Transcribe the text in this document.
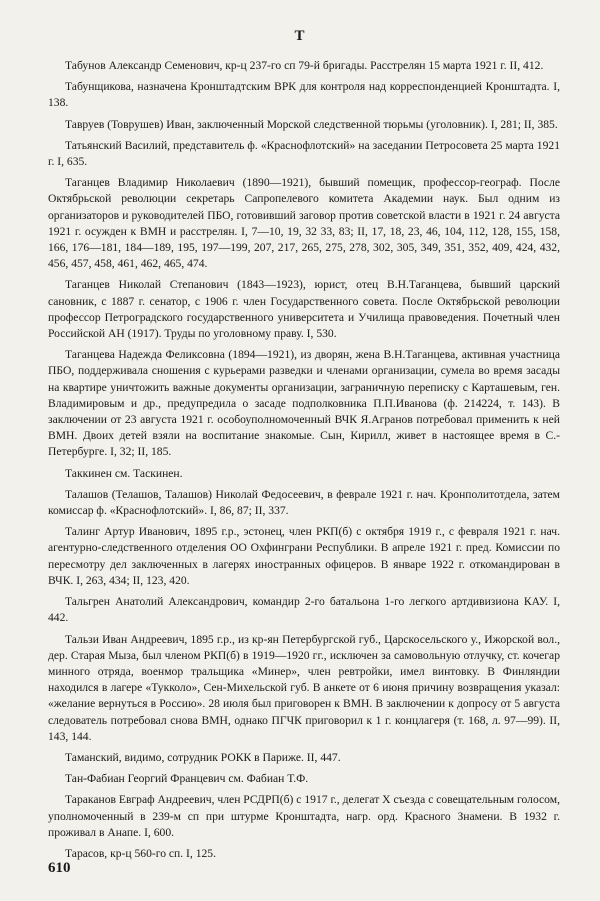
Т

Табунов Александр Семенович, кр-ц 237-го сп 79-й бригады. Расстрелян 15 марта 1921 г. II, 412.

Табунщикова, назначена Кронштадтским ВРК для контроля над корреспонденцией Кронштадта. I, 138.

Тавруев (Товрушев) Иван, заключенный Морской следственной тюрьмы (уголовник). I, 281; II, 385.

Татьянский Василий, представитель ф. «Краснофлотский» на заседании Петросовета 25 марта 1921 г. I, 635.

Таганцев Владимир Николаевич (1890—1921), бывший помещик, профессор-географ. После Октябрьской революции секретарь Сапропелевого комитета Академии наук. Был одним из организаторов и руководителей ПБО, готовивший заговор против советской власти в 1921 г. 24 августа 1921 г. осужден к ВМН и расстрелян. I, 7—10, 19, 32 33, 83; II, 17, 18, 23, 46, 104, 112, 128, 155, 158, 166, 176—181, 184—189, 195, 197—199, 207, 217, 265, 275, 278, 302, 305, 349, 351, 352, 409, 424, 432, 456, 457, 458, 461, 462, 465, 474.

Таганцев Николай Степанович (1843—1923), юрист, отец В.Н.Таганцева, бывший царский сановник, с 1887 г. сенатор, с 1906 г. член Государственного совета. После Октябрьской революции профессор Петроградского государственного университета и Училища правоведения. Почетный член Российской АН (1917). Труды по уголовному праву. I, 530.

Таганцева Надежда Феликсовна (1894—1921), из дворян, жена В.Н.Таганцева, активная участница ПБО, поддерживала сношения с курьерами разведки и членами организации, сумела во время засады на квартире уничтожить важные документы организации, заграничную переписку с Карташевым, ген. Владимировым и др., предупредила о засаде подполковника П.П.Иванова (ф. 214224, т. 143). В заключении от 23 августа 1921 г. особоуполномоченный ВЧК Я.Агранов потребовал применить к ней ВМН. Двоих детей взяли на воспитание знакомые. Сын, Кирилл, живет в настоящее время в С.-Петербурге. I, 32; II, 185.

Таккинен см. Таскинен.

Талашов (Телашов, Талашов) Николай Федосеевич, в феврале 1921 г. нач. Кронполитотдела, затем комиссар ф. «Краснофлотский». I, 86, 87; II, 337.

Талинг Артур Иванович, 1895 г.р., эстонец, член РКП(б) с октября 1919 г., с февраля 1921 г. нач. агентурно-следственного отделения ОО Охфинграни Республики. В апреле 1921 г. пред. Комиссии по пересмотру дел заключенных в лагерях иностранных офицеров. В январе 1922 г. откомандирован в ВЧК. I, 263, 434; II, 123, 420.

Тальгрен Анатолий Александрович, командир 2-го батальона 1-го легкого артдивизиона КАУ. I, 442.

Тальзи Иван Андреевич, 1895 г.р., из кр-ян Петербургской губ., Царскосельского у., Ижорской вол., дер. Старая Мыза, был членом РКП(б) в 1919—1920 гг., исключен за самовольную отлучку, ст. кочегар минного отряда, военмор тральщика «Минер», член ревтройки, имел винтовку. В Финляндии находился в лагере «Тукколо», Сен-Михельской губ. В анкете от 6 июня причину возвращения указал: «желание вернуться в Россию». 28 июля был приговорен к ВМН. В заключении к допросу от 5 августа следователь потребовал снова ВМН, однако ПГЧК приговорил к 1 г. концлагеря (т. 168, л. 97—99). II, 143, 144.

Таманский, видимо, сотрудник РОКК в Париже. II, 447.

Тан-Фабиан Георгий Францевич см. Фабиан Т.Ф.

Тараканов Евграф Андреевич, член РСДРП(б) с 1917 г., делегат X съезда с совещательным голосом, уполномоченный в 239-м сп при штурме Кронштадта, нагр. орд. Красного Знамени. В 1932 г. проживал в Анапе. I, 600.

Тарасов, кр-ц 560-го сп. I, 125.

610
